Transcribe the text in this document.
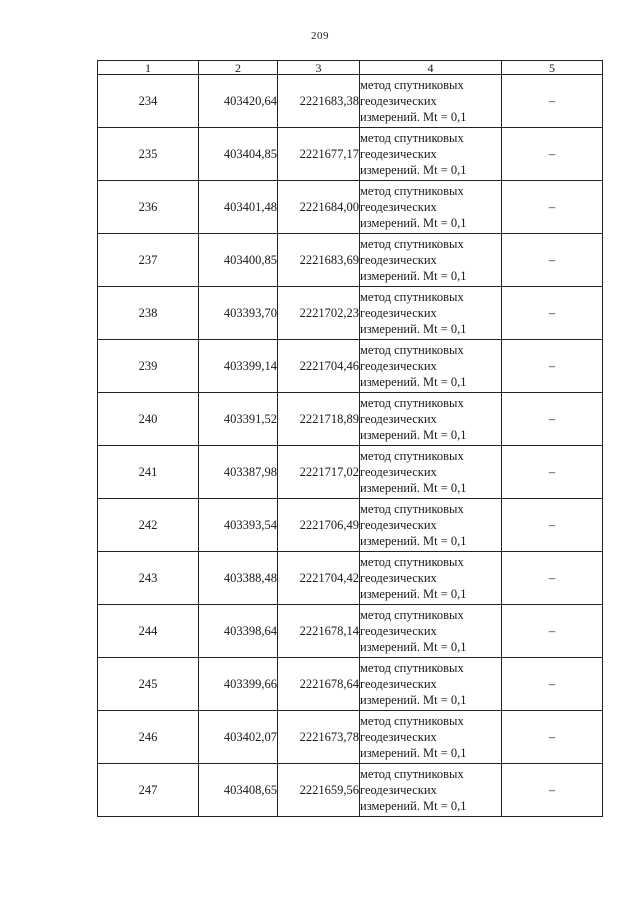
209
1	2	3	4	5
234	403420,64	2221683,38	метод спутниковых
геодезических
измерений. Mt = 0,1	–
235	403404,85	2221677,17	метод спутниковых
геодезических
измерений. Mt = 0,1	–
236	403401,48	2221684,00	метод спутниковых
геодезических
измерений. Mt = 0,1	–
237	403400,85	2221683,69	метод спутниковых
геодезических
измерений. Mt = 0,1	–
238	403393,70	2221702,23	метод спутниковых
геодезических
измерений. Mt = 0,1	–
239	403399,14	2221704,46	метод спутниковых
геодезических
измерений. Mt = 0,1	–
240	403391,52	2221718,89	метод спутниковых
геодезических
измерений. Mt = 0,1	–
241	403387,98	2221717,02	метод спутниковых
геодезических
измерений. Mt = 0,1	–
242	403393,54	2221706,49	метод спутниковых
геодезических
измерений. Mt = 0,1	–
243	403388,48	2221704,42	метод спутниковых
геодезических
измерений. Mt = 0,1	–
244	403398,64	2221678,14	метод спутниковых
геодезических
измерений. Mt = 0,1	–
245	403399,66	2221678,64	метод спутниковых
геодезических
измерений. Mt = 0,1	–
246	403402,07	2221673,78	метод спутниковых
геодезических
измерений. Mt = 0,1	–
247	403408,65	2221659,56	метод спутниковых
геодезических
измерений. Mt = 0,1	–
